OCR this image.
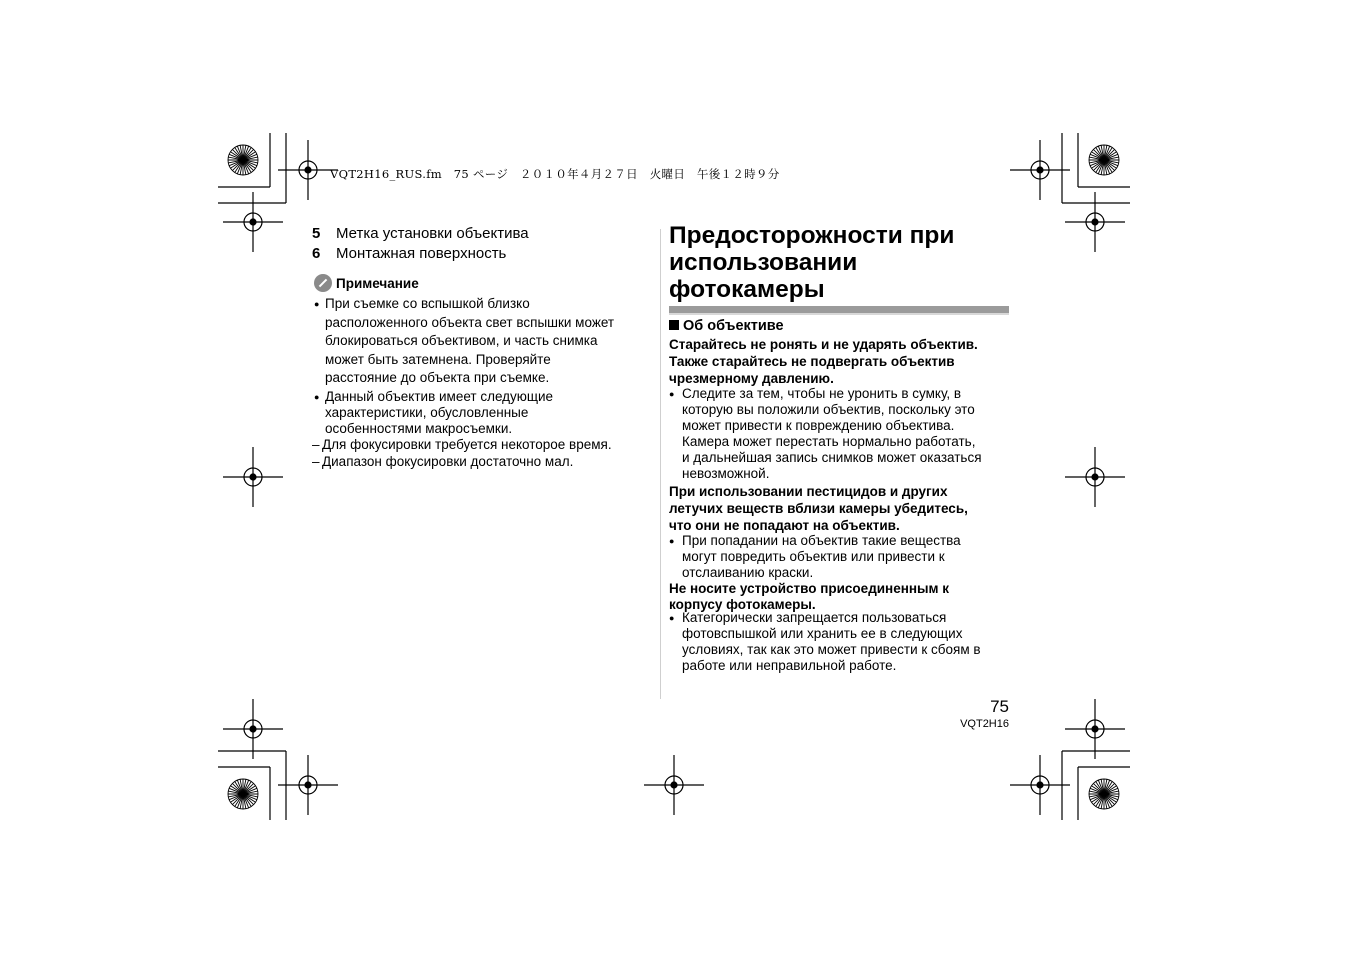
VQT2H16_RUS.fm　75 ページ　２０１０年４月２７日　火曜日　午後１２時９分
5 Метка установки объектива
6 Монтажная поверхность
Примечание
● При съемке со вспышкой близко
расположенного объекта свет вспышки может
блокироваться объективом, и часть снимка
может быть затемнена. Проверяйте
расстояние до объекта при съемке.
● Данный объектив имеет следующие
характеристики, обусловленные
особенностями макросъемки.
– Для фокусировки требуется некоторое время.
– Диапазон фокусировки достаточно мал.
Предосторожности при
использовании
фотокамеры
Об объективе
Старайтесь не ронять и не ударять объектив.
Также старайтесь не подвергать объектив
чрезмерному давлению.
● Следите за тем, чтобы не уронить в сумку, в
которую вы положили объектив, поскольку это
может привести к повреждению объектива.
Камера может перестать нормально работать,
и дальнейшая запись снимков может оказаться
невозможной.
При использовании пестицидов и других
летучих веществ вблизи камеры убедитесь,
что они не попадают на объектив.
● При попадании на объектив такие вещества
могут повредить объектив или привести к
отслаиванию краски.
Не носите устройство присоединенным к
корпусу фотокамеры.
● Категорически запрещается пользоваться
фотовспышкой или хранить ее в следующих
условиях, так как это может привести к сбоям в
работе или неправильной работе.
75
VQT2H16
